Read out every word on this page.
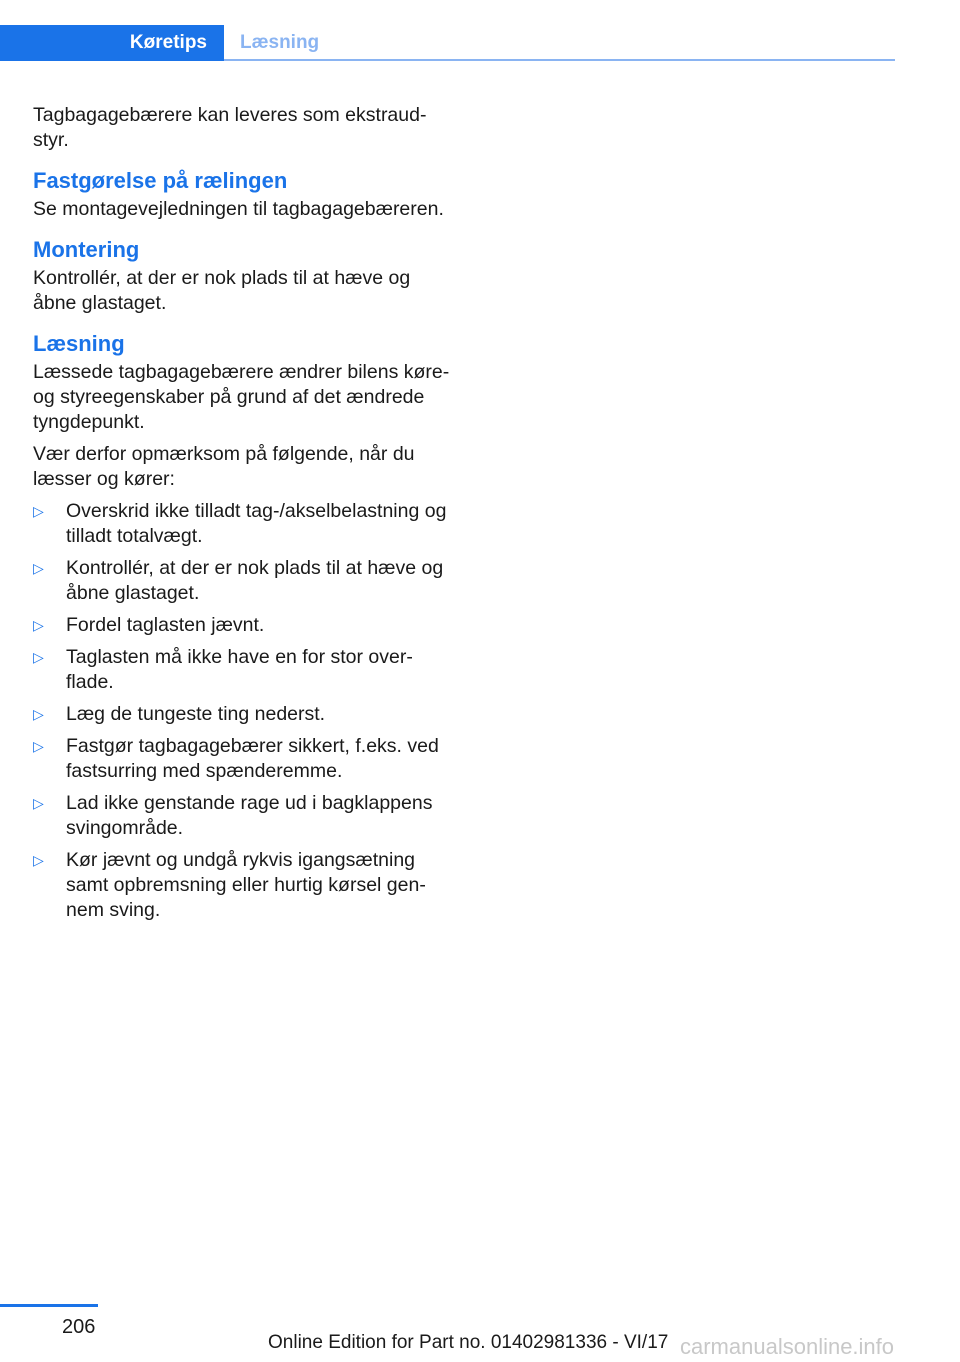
Køretips Læsning

Tagbagagebærere kan leveres som ekstraudstyr.

Fastgørelse på rælingen

Se montagevejledningen til tagbagagebæreren.

Montering

Kontrollér, at der er nok plads til at hæve og åbne glastaget.

Læsning

Læssede tagbagagebærere ændrer bilens køre- og styreegenskaber på grund af det ændrede tyngdepunkt.

Vær derfor opmærksom på følgende, når du læsser og kører:

▷ Overskrid ikke tilladt tag-/akselbelastning og tilladt totalvægt.
▷ Kontrollér, at der er nok plads til at hæve og åbne glastaget.
▷ Fordel taglasten jævnt.
▷ Taglasten må ikke have en for stor overflade.
▷ Læg de tungeste ting nederst.
▷ Fastgør tagbagagebærer sikkert, f.eks. ved fastsurring med spænderemme.
▷ Lad ikke genstande rage ud i bagklappens svingområde.
▷ Kør jævnt og undgå rykvis igangsætning samt opbremsning eller hurtig kørsel gennem sving.
206
Online Edition for Part no. 01402981336 - VI/17 carmanualsonline.info
